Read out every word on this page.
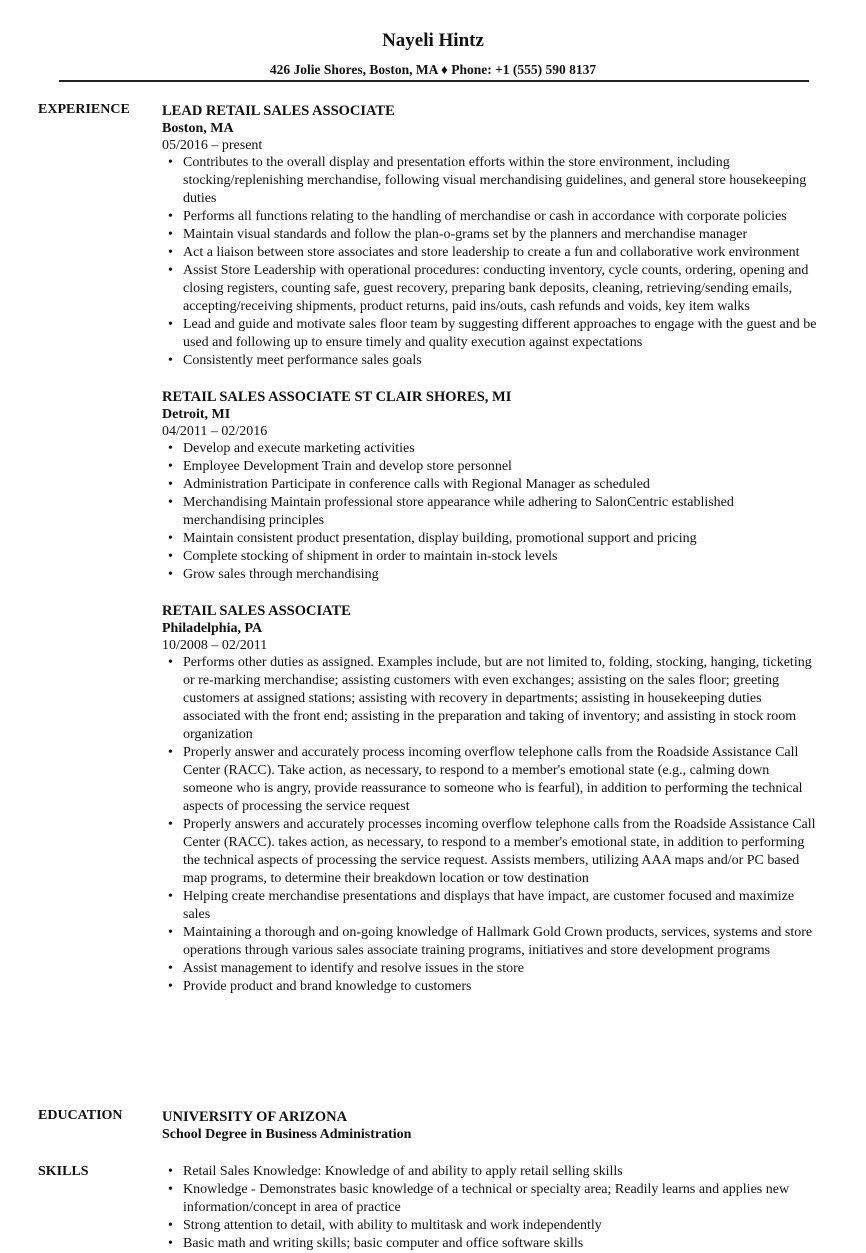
Nayeli Hintz
426 Jolie Shores, Boston, MA ♦ Phone: +1 (555) 590 8137
EXPERIENCE LEAD RETAIL SALES ASSOCIATE
Boston, MA
05/2016 – present
• Contributes to the overall display and presentation efforts within the store environment, including stocking/replenishing merchandise, following visual merchandising guidelines, and general store housekeeping duties
• Performs all functions relating to the handling of merchandise or cash in accordance with corporate policies
• Maintain visual standards and follow the plan-o-grams set by the planners and merchandise manager
• Act a liaison between store associates and store leadership to create a fun and collaborative work environment
• Assist Store Leadership with operational procedures: conducting inventory, cycle counts, ordering, opening and closing registers, counting safe, guest recovery, preparing bank deposits, cleaning, retrieving/sending emails, accepting/receiving shipments, product returns, paid ins/outs, cash refunds and voids, key item walks
• Lead and guide and motivate sales floor team by suggesting different approaches to engage with the guest and be used and following up to ensure timely and quality execution against expectations
• Consistently meet performance sales goals
RETAIL SALES ASSOCIATE ST CLAIR SHORES, MI
Detroit, MI
04/2011 – 02/2016
• Develop and execute marketing activities
• Employee Development Train and develop store personnel
• Administration Participate in conference calls with Regional Manager as scheduled
• Merchandising Maintain professional store appearance while adhering to SalonCentric established merchandising principles
• Maintain consistent product presentation, display building, promotional support and pricing
• Complete stocking of shipment in order to maintain in-stock levels
• Grow sales through merchandising
RETAIL SALES ASSOCIATE
Philadelphia, PA
10/2008 – 02/2011
• Performs other duties as assigned. Examples include, but are not limited to, folding, stocking, hanging, ticketing or re-marking merchandise; assisting customers with even exchanges; assisting on the sales floor; greeting customers at assigned stations; assisting with recovery in departments; assisting in housekeeping duties associated with the front end; assisting in the preparation and taking of inventory; and assisting in stock room organization
• Properly answer and accurately process incoming overflow telephone calls from the Roadside Assistance Call Center (RACC). Take action, as necessary, to respond to a member's emotional state (e.g., calming down someone who is angry, provide reassurance to someone who is fearful), in addition to performing the technical aspects of processing the service request
• Properly answers and accurately processes incoming overflow telephone calls from the Roadside Assistance Call Center (RACC). takes action, as necessary, to respond to a member's emotional state, in addition to performing the technical aspects of processing the service request. Assists members, utilizing AAA maps and/or PC based map programs, to determine their breakdown location or tow destination
• Helping create merchandise presentations and displays that have impact, are customer focused and maximize sales
• Maintaining a thorough and on-going knowledge of Hallmark Gold Crown products, services, systems and store operations through various sales associate training programs, initiatives and store development programs
• Assist management to identify and resolve issues in the store
• Provide product and brand knowledge to customers
EDUCATION	UNIVERSITY OF ARIZONA
School Degree in Business Administration
SKILLS
•	Retail Sales Knowledge: Knowledge of and ability to apply retail selling skills
• Knowledge - Demonstrates basic knowledge of a technical or specialty area; Readily learns and applies new information/concept in area of practice
• Strong attention to detail, with ability to multitask and work independently
• Basic math and writing skills; basic computer and office software skills
